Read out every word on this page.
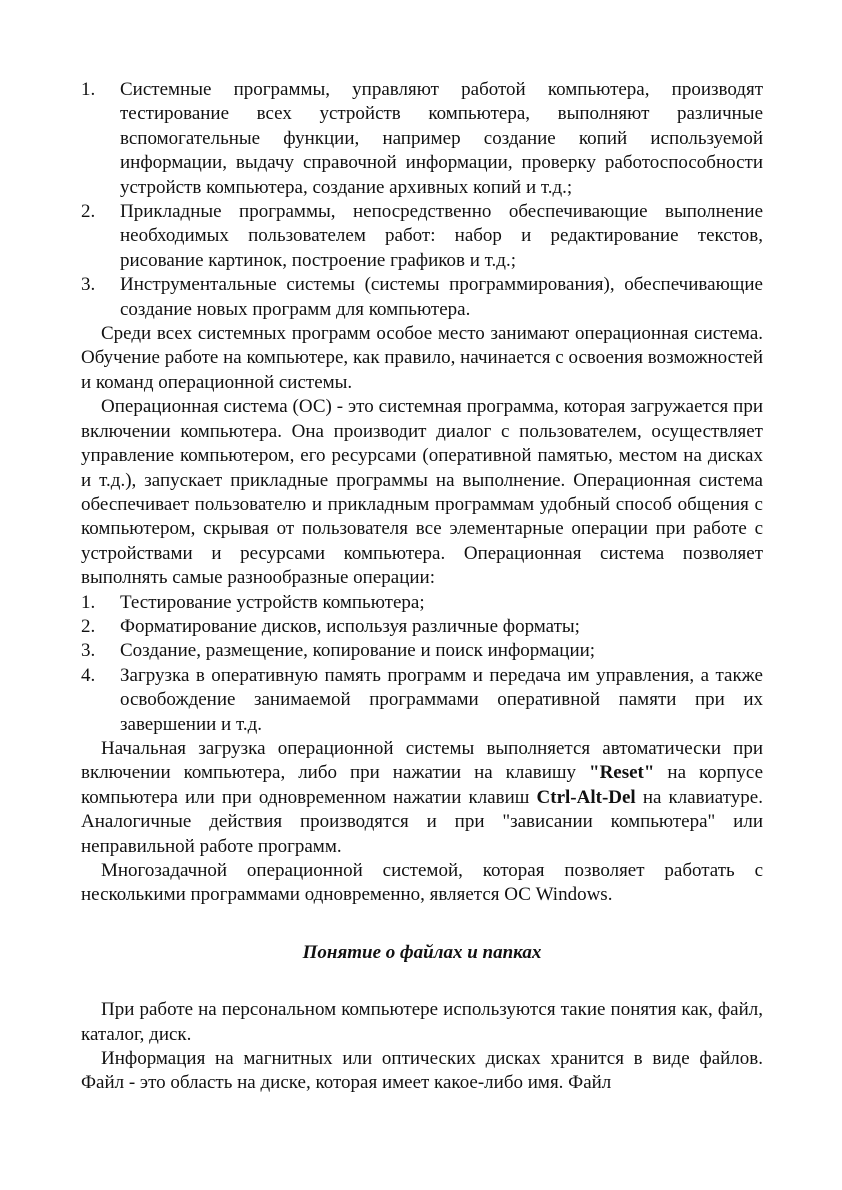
1.	Системные программы, управляют работой компьютера, производят тестирование всех устройств компьютера, выполняют различные вспомогательные функции, например создание копий используемой информации, выдачу справочной информации, проверку работоспособности устройств компьютера, создание архивных копий и т.д.;
2.	Прикладные программы, непосредственно обеспечивающие выполнение необходимых пользователем работ: набор и редактирование текстов, рисование картинок, построение графиков и т.д.;
3.	Инструментальные системы (системы программирования), обеспечивающие создание новых программ для компьютера.

Среди всех системных программ особое место занимают операционная система. Обучение работе на компьютере, как правило, начинается с освоения возможностей и команд операционной системы.

Операционная система (ОС) - это системная программа, которая загружается при включении компьютера. Она производит диалог с пользователем, осуществляет управление компьютером, его ресурсами (оперативной памятью, местом на дисках и т.д.), запускает прикладные программы на выполнение. Операционная система обеспечивает пользователю и прикладным программам удобный способ общения с компьютером, скрывая от пользователя все элементарные операции при работе с устройствами и ресурсами компьютера. Операционная система позволяет выполнять самые разнообразные операции:

1.	Тестирование устройств компьютера;
2.	Форматирование дисков, используя различные форматы;
3.	Создание, размещение, копирование и поиск информации;
4.	Загрузка в оперативную память программ и передача им управления, а также освобождение занимаемой программами оперативной памяти при их завершении и т.д.

Начальная загрузка операционной системы выполняется автоматически при включении компьютера, либо при нажатии на клавишу "Reset" на корпусе компьютера или при одновременном нажатии клавиш Ctrl-Alt-Del на клавиатуре. Аналогичные действия производятся и при "зависании компьютера" или неправильной работе программ.

Многозадачной операционной системой, которая позволяет работать с несколькими программами одновременно, является ОС Windows.

Понятие о файлах и папках

При работе на персональном компьютере используются такие понятия как, файл, каталог, диск.

Информация на магнитных или оптических дисках хранится в виде файлов. Файл - это область на диске, которая имеет какое-либо имя. Файл
